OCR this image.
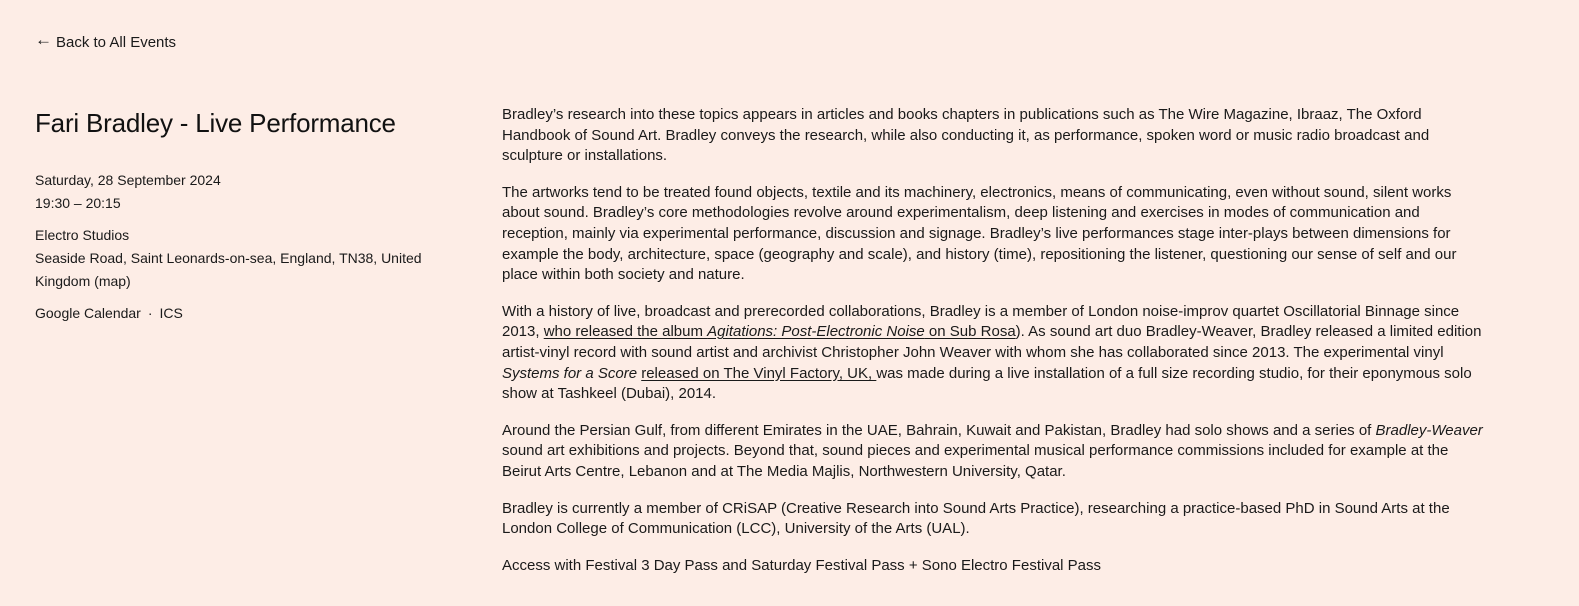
← Back to All Events
Fari Bradley - Live Performance
Saturday, 28 September 2024
19:30 – 20:15
Electro Studios
Seaside Road, Saint Leonards-on-sea, England, TN38, United Kingdom (map)
Google Calendar · ICS

Bradley’s research into these topics appears in articles and books chapters in publications such as The Wire Magazine, Ibraaz, The Oxford Handbook of Sound Art. Bradley conveys the research, while also conducting it, as performance, spoken word or music radio broadcast and sculpture or installations.

The artworks tend to be treated found objects, textile and its machinery, electronics, means of communicating, even without sound, silent works about sound. Bradley’s core methodologies revolve around experimentalism, deep listening and exercises in modes of communication and reception, mainly via experimental performance, discussion and signage. Bradley’s live performances stage inter-plays between dimensions for example the body, architecture, space (geography and scale), and history (time), repositioning the listener, questioning our sense of self and our place within both society and nature.

With a history of live, broadcast and prerecorded collaborations, Bradley is a member of London noise-improv quartet Oscillatorial Binnage since 2013, who released the album Agitations: Post-Electronic Noise on Sub Rosa). As sound art duo Bradley-Weaver, Bradley released a limited edition artist-vinyl record with sound artist and archivist Christopher John Weaver with whom she has collaborated since 2013. The experimental vinyl Systems for a Score released on The Vinyl Factory, UK, was made during a live installation of a full size recording studio, for their eponymous solo show at Tashkeel (Dubai), 2014.

Around the Persian Gulf, from different Emirates in the UAE, Bahrain, Kuwait and Pakistan, Bradley had solo shows and a series of Bradley-Weaver sound art exhibitions and projects. Beyond that, sound pieces and experimental musical performance commissions included for example at the Beirut Arts Centre, Lebanon and at The Media Majlis, Northwestern University, Qatar.

Bradley is currently a member of CRiSAP (Creative Research into Sound Arts Practice), researching a practice-based PhD in Sound Arts at the London College of Communication (LCC), University of the Arts (UAL).

Access with Festival 3 Day Pass and Saturday Festival Pass + Sono Electro Festival Pass
